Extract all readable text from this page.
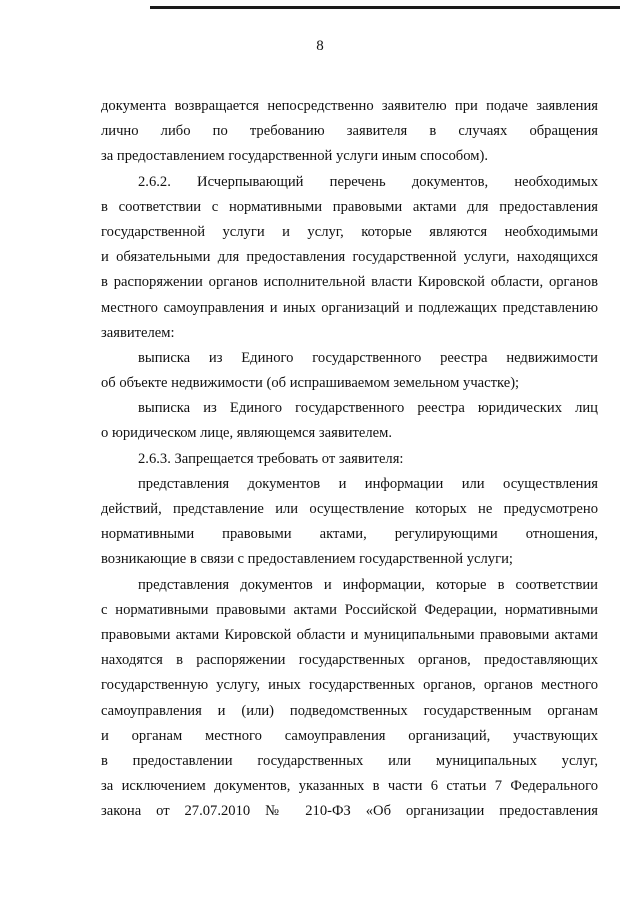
8
документа возвращается непосредственно заявителю при подаче заявления
лично либо по требованию заявителя в случаях обращения
за предоставлением государственной услуги иным способом).
2.6.2. Исчерпывающий перечень документов, необходимых
в соответствии с нормативными правовыми актами для предоставления
государственной услуги и услуг, которые являются необходимыми
и обязательными для предоставления государственной услуги, находящихся
в распоряжении органов исполнительной власти Кировской области, органов
местного самоуправления и иных организаций и подлежащих представлению
заявителем:
выписка из Единого государственного реестра недвижимости
об объекте недвижимости (об испрашиваемом земельном участке);
выписка из Единого государственного реестра юридических лиц
о юридическом лице, являющемся заявителем.
2.6.3. Запрещается требовать от заявителя:
представления документов и информации или осуществления
действий, представление или осуществление которых не предусмотрено
нормативными правовыми актами, регулирующими отношения,
возникающие в связи с предоставлением государственной услуги;
представления документов и информации, которые в соответствии
с нормативными правовыми актами Российской Федерации, нормативными
правовыми актами Кировской области и муниципальными правовыми актами
находятся в распоряжении государственных органов, предоставляющих
государственную услугу, иных государственных органов, органов местного
самоуправления и (или) подведомственных государственным органам
и органам местного самоуправления организаций, участвующих
в предоставлении государственных или муниципальных услуг,
за исключением документов, указанных в части 6 статьи 7 Федерального
закона от 27.07.2010 № 210-ФЗ «Об организации предоставления
